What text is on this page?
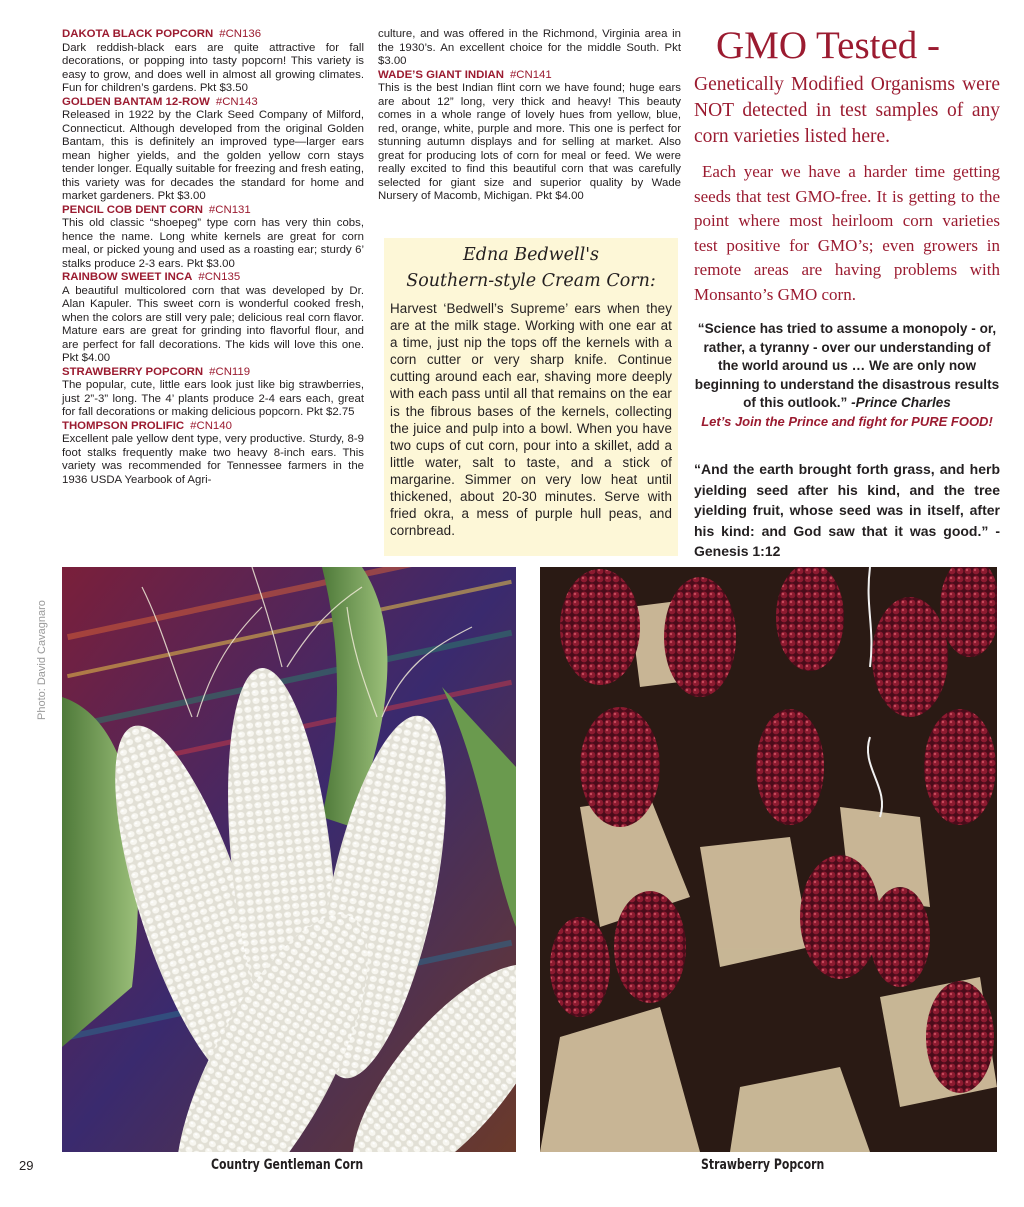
DAKOTA BLACK POPCORN #CN136
Dark reddish-black ears are quite attractive for fall decorations, or popping into tasty popcorn! This variety is easy to grow, and does well in almost all growing climates. Fun for children’s gardens. Pkt $3.50
GOLDEN BANTAM 12-ROW #CN143
Released in 1922 by the Clark Seed Company of Milford, Connecticut. Although developed from the original Golden Bantam, this is definitely an improved type—larger ears mean higher yields, and the golden yellow corn stays tender longer. Equally suitable for freezing and fresh eating, this variety was for decades the standard for home and market gardeners. Pkt $3.00
PENCIL COB DENT CORN #CN131
This old classic “shoepeg” type corn has very thin cobs, hence the name. Long white kernels are great for corn meal, or picked young and used as a roasting ear; sturdy 6’ stalks produce 2-3 ears. Pkt $3.00
RAINBOW SWEET INCA #CN135
A beautiful multicolored corn that was developed by Dr. Alan Kapuler. This sweet corn is wonderful cooked fresh, when the colors are still very pale; delicious real corn flavor. Mature ears are great for grinding into flavorful flour, and are perfect for fall decorations. The kids will love this one. Pkt $4.00
STRAWBERRY POPCORN #CN119
The popular, cute, little ears look just like big strawberries, just 2”-3” long. The 4’ plants produce 2-4 ears each, great for fall decorations or making delicious popcorn. Pkt $2.75
THOMPSON PROLIFIC #CN140
Excellent pale yellow dent type, very productive. Sturdy, 8-9 foot stalks frequently make two heavy 8-inch ears. This variety was recommended for Tennessee farmers in the 1936 USDA Yearbook of Agri-
culture, and was offered in the Richmond, Virginia area in the 1930’s. An excellent choice for the middle South. Pkt $3.00
WADE’S GIANT INDIAN #CN141
This is the best Indian flint corn we have found; huge ears are about 12” long, very thick and heavy! This beauty comes in a whole range of lovely hues from yellow, blue, red, orange, white, purple and more. This one is perfect for stunning autumn displays and for selling at market. Also great for producing lots of corn for meal or feed. We were really excited to find this beautiful corn that was carefully selected for giant size and superior quality by Wade Nursery of Macomb, Michigan. Pkt $4.00
Edna Bedwell's
Southern-style Cream Corn:
Harvest ‘Bedwell’s Supreme’ ears when they are at the milk stage. Working with one ear at a time, just nip the tops off the kernels with a corn cutter or very sharp knife. Continue cutting around each ear, shaving more deeply with each pass until all that remains on the ear is the fibrous bases of the kernels, collecting the juice and pulp into a bowl. When you have two cups of cut corn, pour into a skillet, add a little water, salt to taste, and a stick of margarine. Simmer on very low heat until thickened, about 20-30 minutes. Serve with fried okra, a mess of purple hull peas, and cornbread.
GMO Tested -
Genetically Modified Organisms were NOT detected in test samples of any corn varieties listed here.
Each year we have a harder time getting seeds that test GMO-free. It is getting to the point where most heirloom corn varieties test positive for GMO’s; even growers in remote areas are having problems with Monsanto’s GMO corn.
“Science has tried to assume a monopoly - or, rather, a tyranny - over our understanding of the world around us … We are only now beginning to understand the disastrous results of this outlook.” -Prince Charles
Let’s Join the Prince and fight for PURE FOOD!
“And the earth brought forth grass, and herb yielding seed after his kind, and the tree yielding fruit, whose seed was in itself, after his kind: and God saw that it was good.” -Genesis 1:12
Photo: David Cavagnaro
29	Country Gentleman Corn	Strawberry Popcorn
